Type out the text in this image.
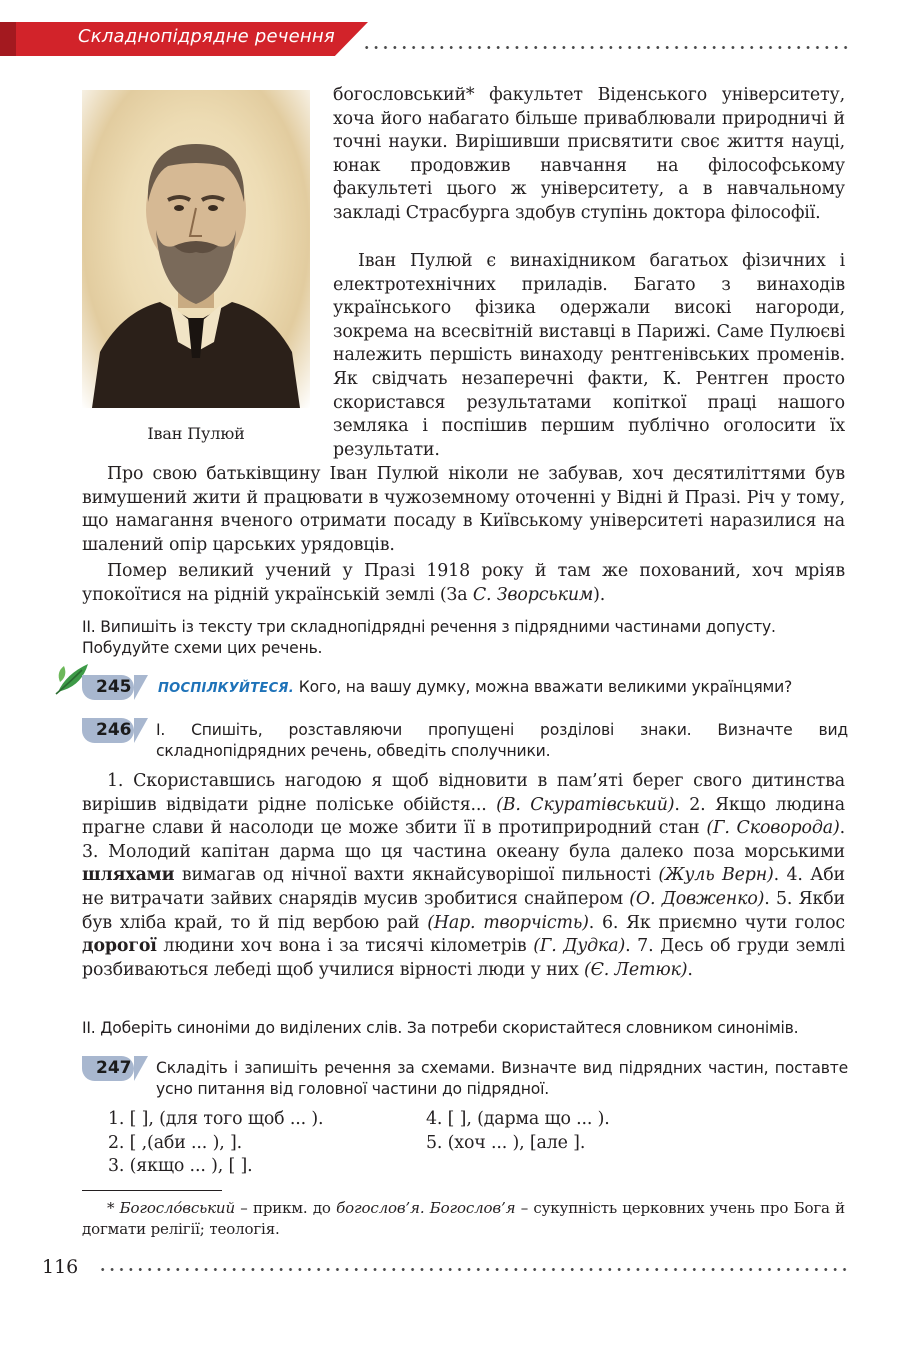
Складнопідрядне речення
Іван Пулюй

богословський* факультет Віденського університету, хоча його набагато більше приваблювали природничі й точні науки. Вирішивши присвятити своє життя науці, юнак продовжив навчання на філософському факультеті цього ж університету, а в навчальному закладі Страсбурга здобув ступінь доктора філософії.

Іван Пулюй є винахідником багатьох фізичних і електротехнічних приладів. Багато з винаходів українського фізика одержали високі нагороди, зокрема на всесвітній виставці в Парижі. Саме Пулюєві належить першість винаходу рентгенівських променів. Як свідчать незаперечні факти, К. Рентген просто скористався результатами копіткої праці нашого земляка і поспішив першим публічно оголосити їх результати.

Про свою батьківщину Іван Пулюй ніколи не забував, хоч десятиліттями був вимушений жити й працювати в чужоземному оточенні у Відні й Празі. Річ у тому, що намагання вченого отримати посаду в Київському університеті наразилися на шалений опір царських урядовців.

Помер великий учений у Празі 1918 року й там же похований, хоч мріяв упокоїтися на рідній українській землі (За С. Зворським).

II. Випишіть із тексту три складнопідрядні речення з підрядними частинами допусту. Побудуйте схеми цих речень.

245 ПОСПІЛКУЙТЕСЯ. Кого, на вашу думку, можна вважати великими українцями?

246 I. Спишіть, розставляючи пропущені розділові знаки. Визначте вид складнопідрядних речень, обведіть сполучники.

1. Скориставшись нагодою я щоб відновити в пам’яті берег свого дитинства вирішив відвідати рідне поліське обійстя... (В. Скуратівський). 2. Якщо людина прагне слави й насолоди це може збити її в протиприродний стан (Г. Сковорода). 3. Молодий капітан дарма що ця частина океану була далеко поза морськими шляхами вимагав од нічної вахти якнайсуворішої пильності (Жуль Верн). 4. Аби не витрачати зайвих снарядів мусив зробитися снайпером (О. Довженко). 5. Якби був хліба край, то й під вербою рай (Нар. творчість). 6. Як приємно чути голос дорогої людини хоч вона і за тисячі кілометрів (Г. Дудка). 7. Десь об груди землі розбиваються лебеді щоб училися вірності люди у них (Є. Летюк).

II. Доберіть синоніми до виділених слів. За потреби скористайтеся словником синонімів.

247 Складіть і запишіть речення за схемами. Визначте вид підрядних частин, поставте усно питання від головної частини до підрядної.

1. [ ], (для того щоб ... ).
2. [ ,(аби ... ), ].
3. (якщо ... ), [ ].
4. [ ], (дарма що ... ).
5. (хоч ... ), [але ].

* Богосло́вський – прикм. до богослов’я. Богослов’я – сукупність церковних учень про Бога й догмати релігії; теологія.

116
